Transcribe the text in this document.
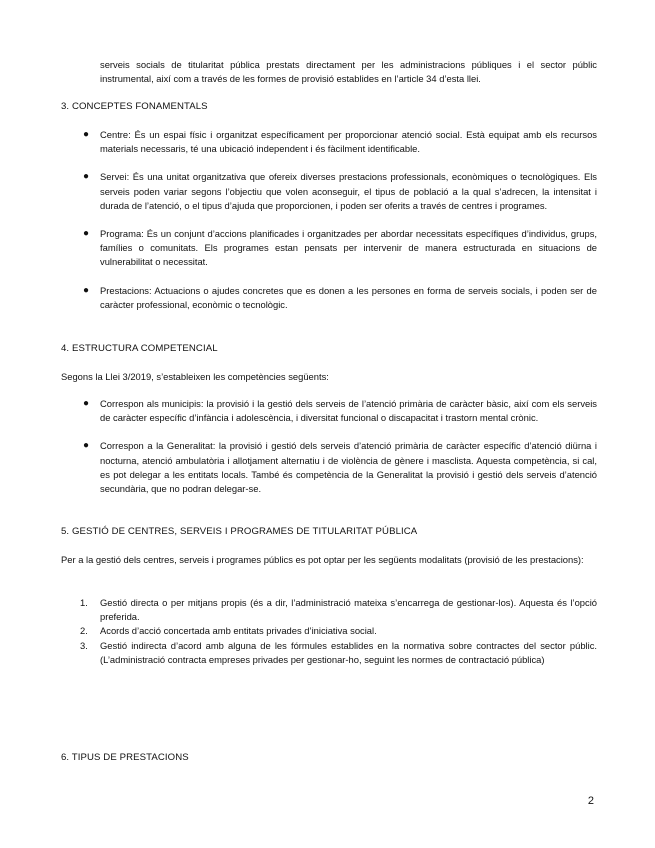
serveis socials de titularitat pública prestats directament per les administracions públiques i el sector públic instrumental, així com a través de les formes de provisió establides en l’article 34 d’esta llei.

3. CONCEPTES FONAMENTALS
● Centre: És un espai físic i organitzat específicament per proporcionar atenció social. Està equipat amb els recursos materials necessaris, té una ubicació independent i és fàcilment identificable.
● Servei: És una unitat organitzativa que ofereix diverses prestacions professionals, econòmiques o tecnològiques. Els serveis poden variar segons l’objectiu que volen aconseguir, el tipus de població a la qual s’adrecen, la intensitat i durada de l’atenció, o el tipus d’ajuda que proporcionen, i poden ser oferits a través de centres i programes.
● Programa: És un conjunt d’accions planificades i organitzades per abordar necessitats específiques d’individus, grups, famílies o comunitats. Els programes estan pensats per intervenir de manera estructurada en situacions de vulnerabilitat o necessitat.
● Prestacions: Actuacions o ajudes concretes que es donen a les persones en forma de serveis socials, i poden ser de caràcter professional, econòmic o tecnològic.
4. ESTRUCTURA COMPETENCIAL

Segons la Llei 3/2019, s’estableixen les competències següents:

● Correspon als municipis: la provisió i la gestió dels serveis de l’atenció primària de caràcter bàsic, així com els serveis de caràcter específic d’infància i adolescència, i diversitat funcional o discapacitat i trastorn mental crònic.
● Correspon a la Generalitat: la provisió i gestió dels serveis d’atenció primària de caràcter específic d’atenció diürna i nocturna, atenció ambulatòria i allotjament alternatiu i de violència de gènere i masclista. Aquesta competència, si cal, es pot delegar a les entitats locals. També és competència de la Generalitat la provisió i gestió dels serveis d’atenció secundària, que no podran delegar-se.
5. GESTIÓ DE CENTRES, SERVEIS I PROGRAMES DE TITULARITAT PÚBLICA

Per a la gestió dels centres, serveis i programes públics es pot optar per les següents modalitats (provisió de les prestacions):

1. Gestió directa o per mitjans propis (és a dir, l’administració mateixa s’encarrega de gestionar-los). Aquesta és l’opció preferida.
2. Acords d’acció concertada amb entitats privades d’iniciativa social.
3. Gestió indirecta d’acord amb alguna de les fórmules establides en la normativa sobre contractes del sector públic. (L’administració contracta empreses privades per gestionar-ho, seguint les normes de contractació pública)
6. TIPUS DE PRESTACIONS
2
